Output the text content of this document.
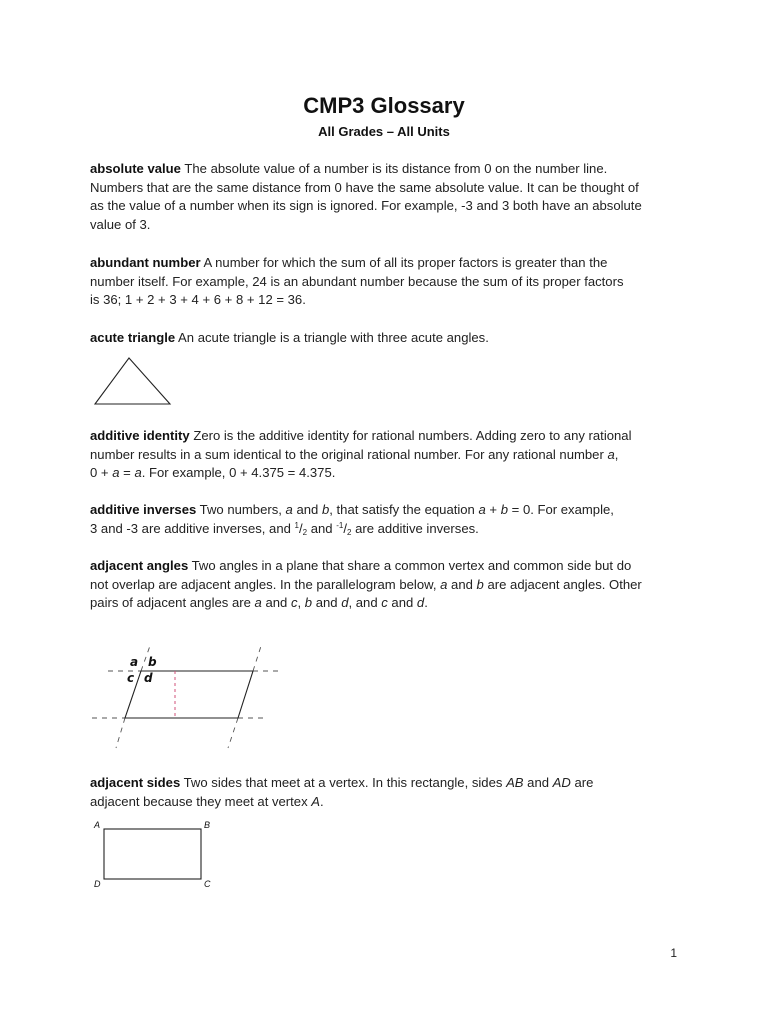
CMP3 Glossary
All Grades – All Units
absolute value The absolute value of a number is its distance from 0 on the number line.
Numbers that are the same distance from 0 have the same absolute value. It can be thought of
as the value of a number when its sign is ignored. For example, -3 and 3 both have an absolute
value of 3.
abundant number A number for which the sum of all its proper factors is greater than the
number itself. For example, 24 is an abundant number because the sum of its proper factors
is 36; 1 + 2 + 3 + 4 + 6 + 8 + 12 = 36.
acute triangle An acute triangle is a triangle with three acute angles.
additive identity Zero is the additive identity for rational numbers. Adding zero to any rational
number results in a sum identical to the original rational number. For any rational number a,
0 + a = a. For example, 0 + 4.375 = 4.375.
additive inverses Two numbers, a and b, that satisfy the equation a + b = 0. For example,
3 and -3 are additive inverses, and $^1/_2$ and $^{-1}/_2$ are additive inverses.
adjacent angles Two angles in a plane that share a common vertex and common side but do
not overlap are adjacent angles. In the parallelogram below, a and b are adjacent angles. Other
pairs of adjacent angles are a and c, b and d, and c and d.
a b
c d
adjacent sides Two sides that meet at a vertex. In this rectangle, sides AB and AD are
adjacent because they meet at vertex A.
A	B
D	C
1
